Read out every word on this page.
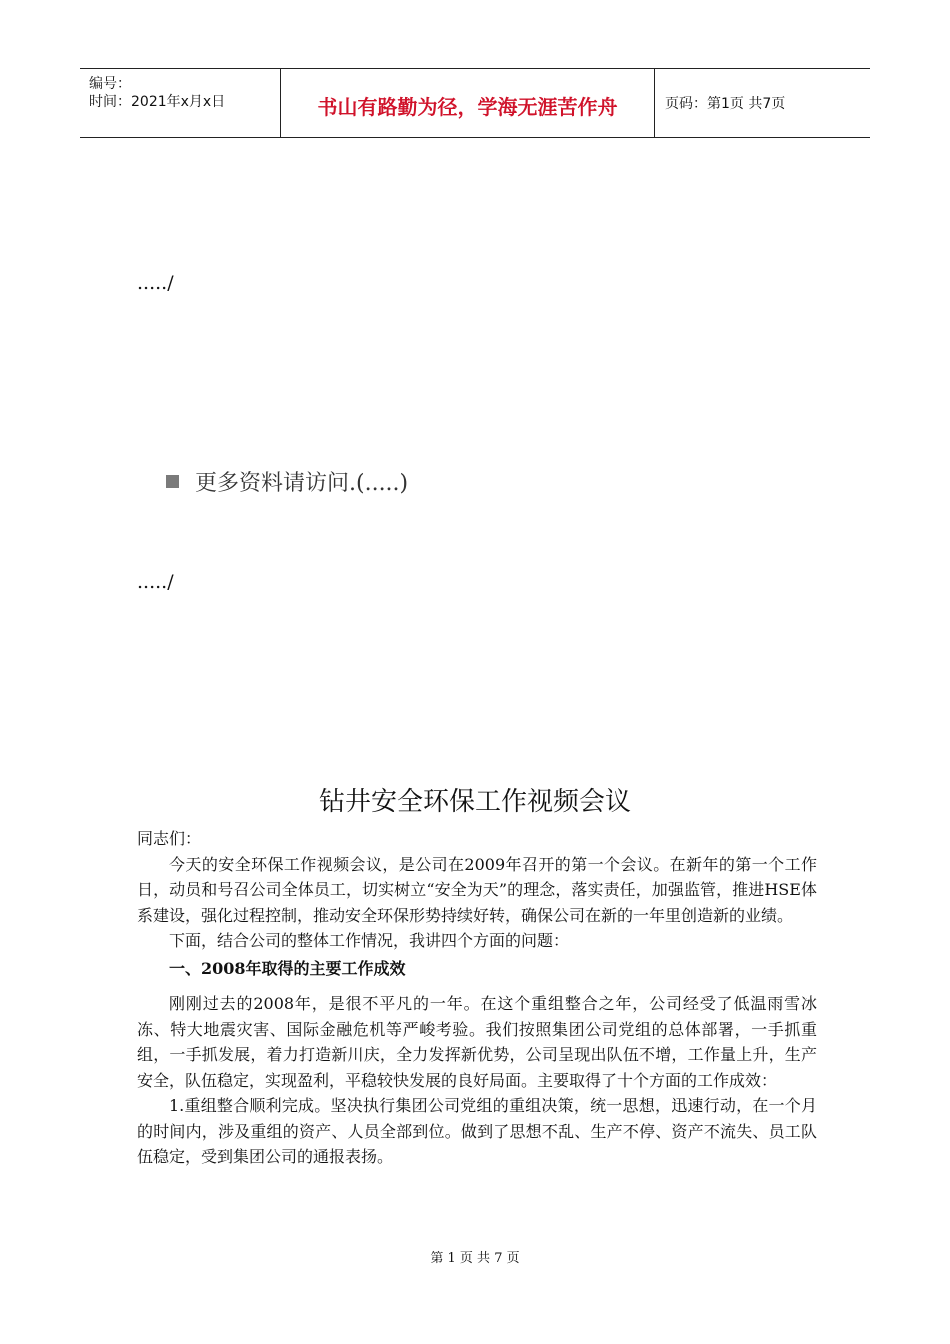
编号：
时间：2021年x月x日	书山有路勤为径，学海无涯苦作舟	页码：第1页 共7页
...../
更多资料请访问.(.....)
...../
钻井安全环保工作视频会议

同志们：

今天的安全环保工作视频会议，是公司在2009年召开的第一个会议。在新年的第一个工作日，动员和号召公司全体员工，切实树立“安全为天”的理念，落实责任，加强监管，推进HSE体系建设，强化过程控制，推动安全环保形势持续好转，确保公司在新的一年里创造新的业绩。

下面，结合公司的整体工作情况，我讲四个方面的问题：

一、2008年取得的主要工作成效

刚刚过去的2008年，是很不平凡的一年。在这个重组整合之年，公司经受了低温雨雪冰冻、特大地震灾害、国际金融危机等严峻考验。我们按照集团公司党组的总体部署，一手抓重组，一手抓发展，着力打造新川庆，全力发挥新优势，公司呈现出队伍不增，工作量上升，生产安全，队伍稳定，实现盈利，平稳较快发展的良好局面。主要取得了十个方面的工作成效：

1.重组整合顺利完成。坚决执行集团公司党组的重组决策，统一思想，迅速行动，在一个月的时间内，涉及重组的资产、人员全部到位。做到了思想不乱、生产不停、资产不流失、员工队伍稳定，受到集团公司的通报表扬。

第 1 页 共 7 页
